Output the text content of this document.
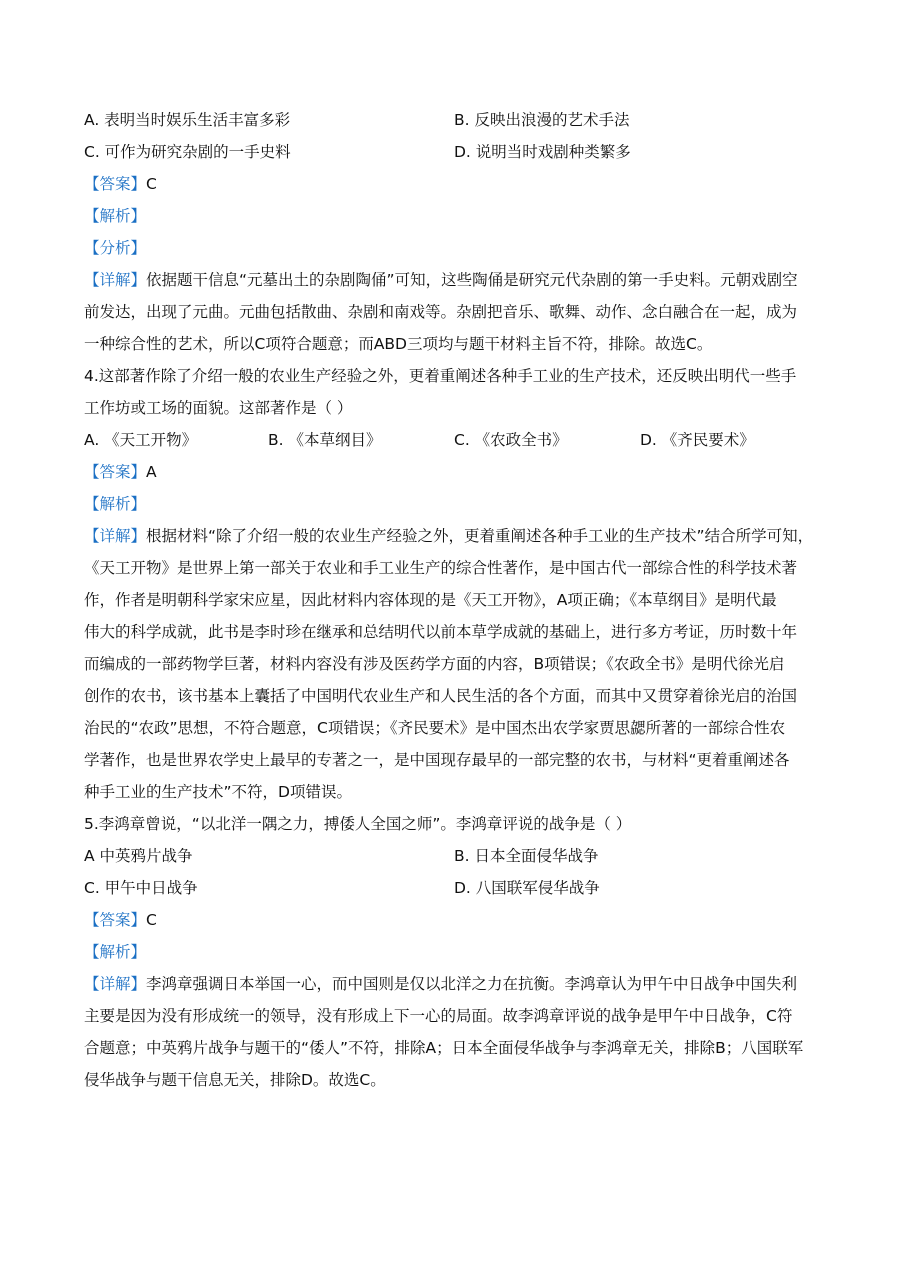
A. 表明当时娱乐生活丰富多彩	B. 反映出浪漫的艺术手法
C. 可作为研究杂剧的一手史料	D. 说明当时戏剧种类繁多
【答案】C
【解析】
【分析】
【详解】依据题干信息“元墓出土的杂剧陶俑”可知，这些陶俑是研究元代杂剧的第一手史料。元朝戏剧空
前发达，出现了元曲。元曲包括散曲、杂剧和南戏等。杂剧把音乐、歌舞、动作、念白融合在一起，成为
一种综合性的艺术，所以C项符合题意；而ABD三项均与题干材料主旨不符，排除。故选C。
4.这部著作除了介绍一般的农业生产经验之外，更着重阐述各种手工业的生产技术，还反映出明代一些手
工作坊或工场的面貌。这部著作是（ ）
A. 《天工开物》	B. 《本草纲目》	C. 《农政全书》	D. 《齐民要术》
【答案】A
【解析】
【详解】根据材料“除了介绍一般的农业生产经验之外，更着重阐述各种手工业的生产技术”结合所学可知，
《天工开物》是世界上第一部关于农业和手工业生产的综合性著作，是中国古代一部综合性的科学技术著
作，作者是明朝科学家宋应星，因此材料内容体现的是《天工开物》，A项正确；《本草纲目》是明代最
伟大的科学成就，此书是李时珍在继承和总结明代以前本草学成就的基础上，进行多方考证，历时数十年
而编成的一部药物学巨著，材料内容没有涉及医药学方面的内容，B项错误；《农政全书》是明代徐光启
创作的农书，该书基本上囊括了中国明代农业生产和人民生活的各个方面，而其中又贯穿着徐光启的治国
治民的“农政”思想，不符合题意，C项错误；《齐民要术》是中国杰出农学家贾思勰所著的一部综合性农
学著作，也是世界农学史上最早的专著之一，是中国现存最早的一部完整的农书，与材料“更着重阐述各
种手工业的生产技术”不符，D项错误。
5.李鸿章曾说，“以北洋一隅之力，搏倭人全国之师”。李鸿章评说的战争是（ ）
A 中英鸦片战争	B. 日本全面侵华战争
C. 甲午中日战争	D. 八国联军侵华战争
【答案】C
【解析】
【详解】李鸿章强调日本举国一心，而中国则是仅以北洋之力在抗衡。李鸿章认为甲午中日战争中国失利
主要是因为没有形成统一的领导，没有形成上下一心的局面。故李鸿章评说的战争是甲午中日战争，C符
合题意；中英鸦片战争与题干的“倭人”不符，排除A；日本全面侵华战争与李鸿章无关，排除B；八国联军
侵华战争与题干信息无关，排除D。故选C。
